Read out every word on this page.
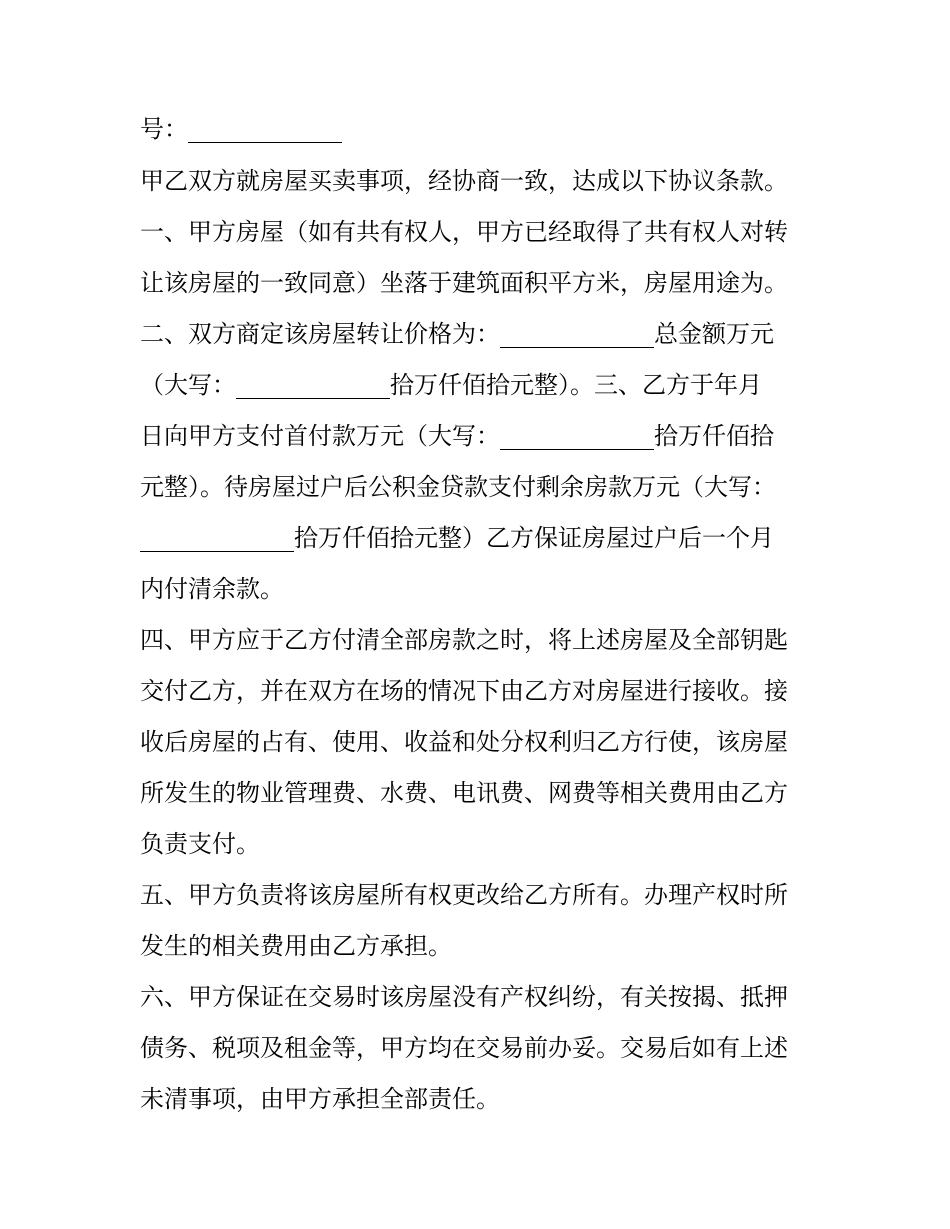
号：

甲乙双方就房屋买卖事项，经协商一致，达成以下协议条款。

一、甲方房屋（如有共有权人，甲方已经取得了共有权人对转

让该房屋的一致同意）坐落于建筑面积平方米，房屋用途为。

二、双方商定该房屋转让价格为：	总金额万元

（大写：	拾万仟佰拾元整）。三、乙方于年月

日向甲方支付首付款万元（大写：	拾万仟佰拾

元整）。待房屋过户后公积金贷款支付剩余房款万元（大写：

拾万仟佰拾元整）乙方保证房屋过户后一个月

内付清余款。

四、甲方应于乙方付清全部房款之时，将上述房屋及全部钥匙

交付乙方，并在双方在场的情况下由乙方对房屋进行接收。接

收后房屋的占有、使用、收益和处分权利归乙方行使，该房屋

所发生的物业管理费、水费、电讯费、网费等相关费用由乙方

负责支付。

五、甲方负责将该房屋所有权更改给乙方所有。办理产权时所

发生的相关费用由乙方承担。

六、甲方保证在交易时该房屋没有产权纠纷，有关按揭、抵押

债务、税项及租金等，甲方均在交易前办妥。交易后如有上述

未清事项，由甲方承担全部责任。
